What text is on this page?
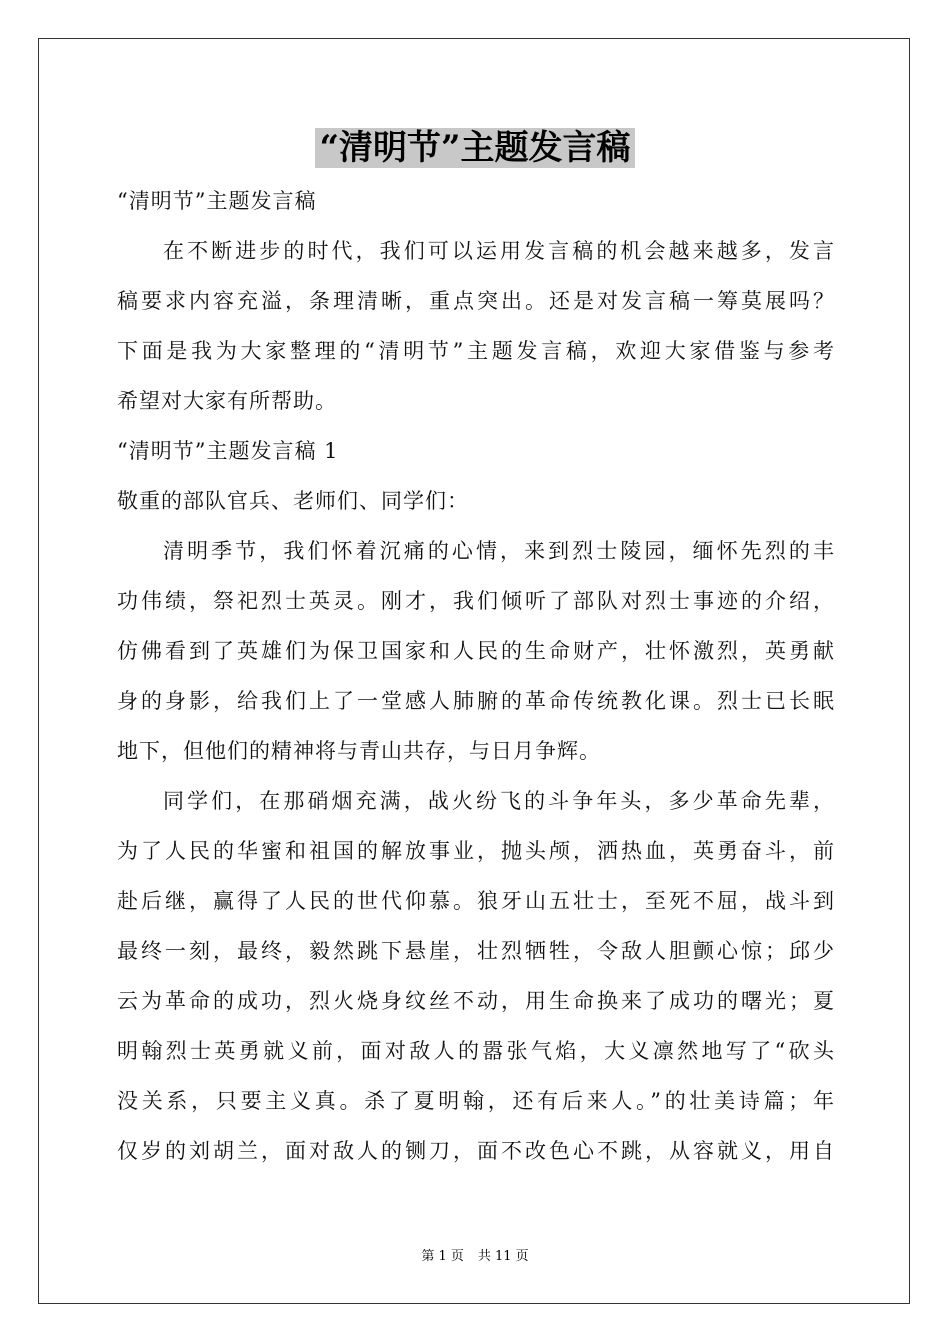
“清明节”主题发言稿
“清明节”主题发言稿
在不断进步的时代，我们可以运用发言稿的机会越来越多，发言
稿要求内容充溢，条理清晰，重点突出。还是对发言稿一筹莫展吗？
下面是我为大家整理的“清明节”主题发言稿，欢迎大家借鉴与参考
希望对大家有所帮助。
“清明节”主题发言稿 1
敬重的部队官兵、老师们、同学们：
清明季节，我们怀着沉痛的心情，来到烈士陵园，缅怀先烈的丰
功伟绩，祭祀烈士英灵。刚才，我们倾听了部队对烈士事迹的介绍，
仿佛看到了英雄们为保卫国家和人民的生命财产，壮怀激烈，英勇献
身的身影，给我们上了一堂感人肺腑的革命传统教化课。烈士已长眠
地下，但他们的精神将与青山共存，与日月争辉。
同学们，在那硝烟充满，战火纷飞的斗争年头，多少革命先辈，
为了人民的华蜜和祖国的解放事业，抛头颅，洒热血，英勇奋斗，前
赴后继，赢得了人民的世代仰慕。狼牙山五壮士，至死不屈，战斗到
最终一刻，最终，毅然跳下悬崖，壮烈牺牲，令敌人胆颤心惊；邱少
云为革命的成功，烈火烧身纹丝不动，用生命换来了成功的曙光；夏
明翰烈士英勇就义前，面对敌人的嚣张气焰，大义凛然地写了“砍头
没关系，只要主义真。杀了夏明翰，还有后来人。”的壮美诗篇；年
仅岁的刘胡兰，面对敌人的铡刀，面不改色心不跳，从容就义，用自
第 1 页 共 11 页
